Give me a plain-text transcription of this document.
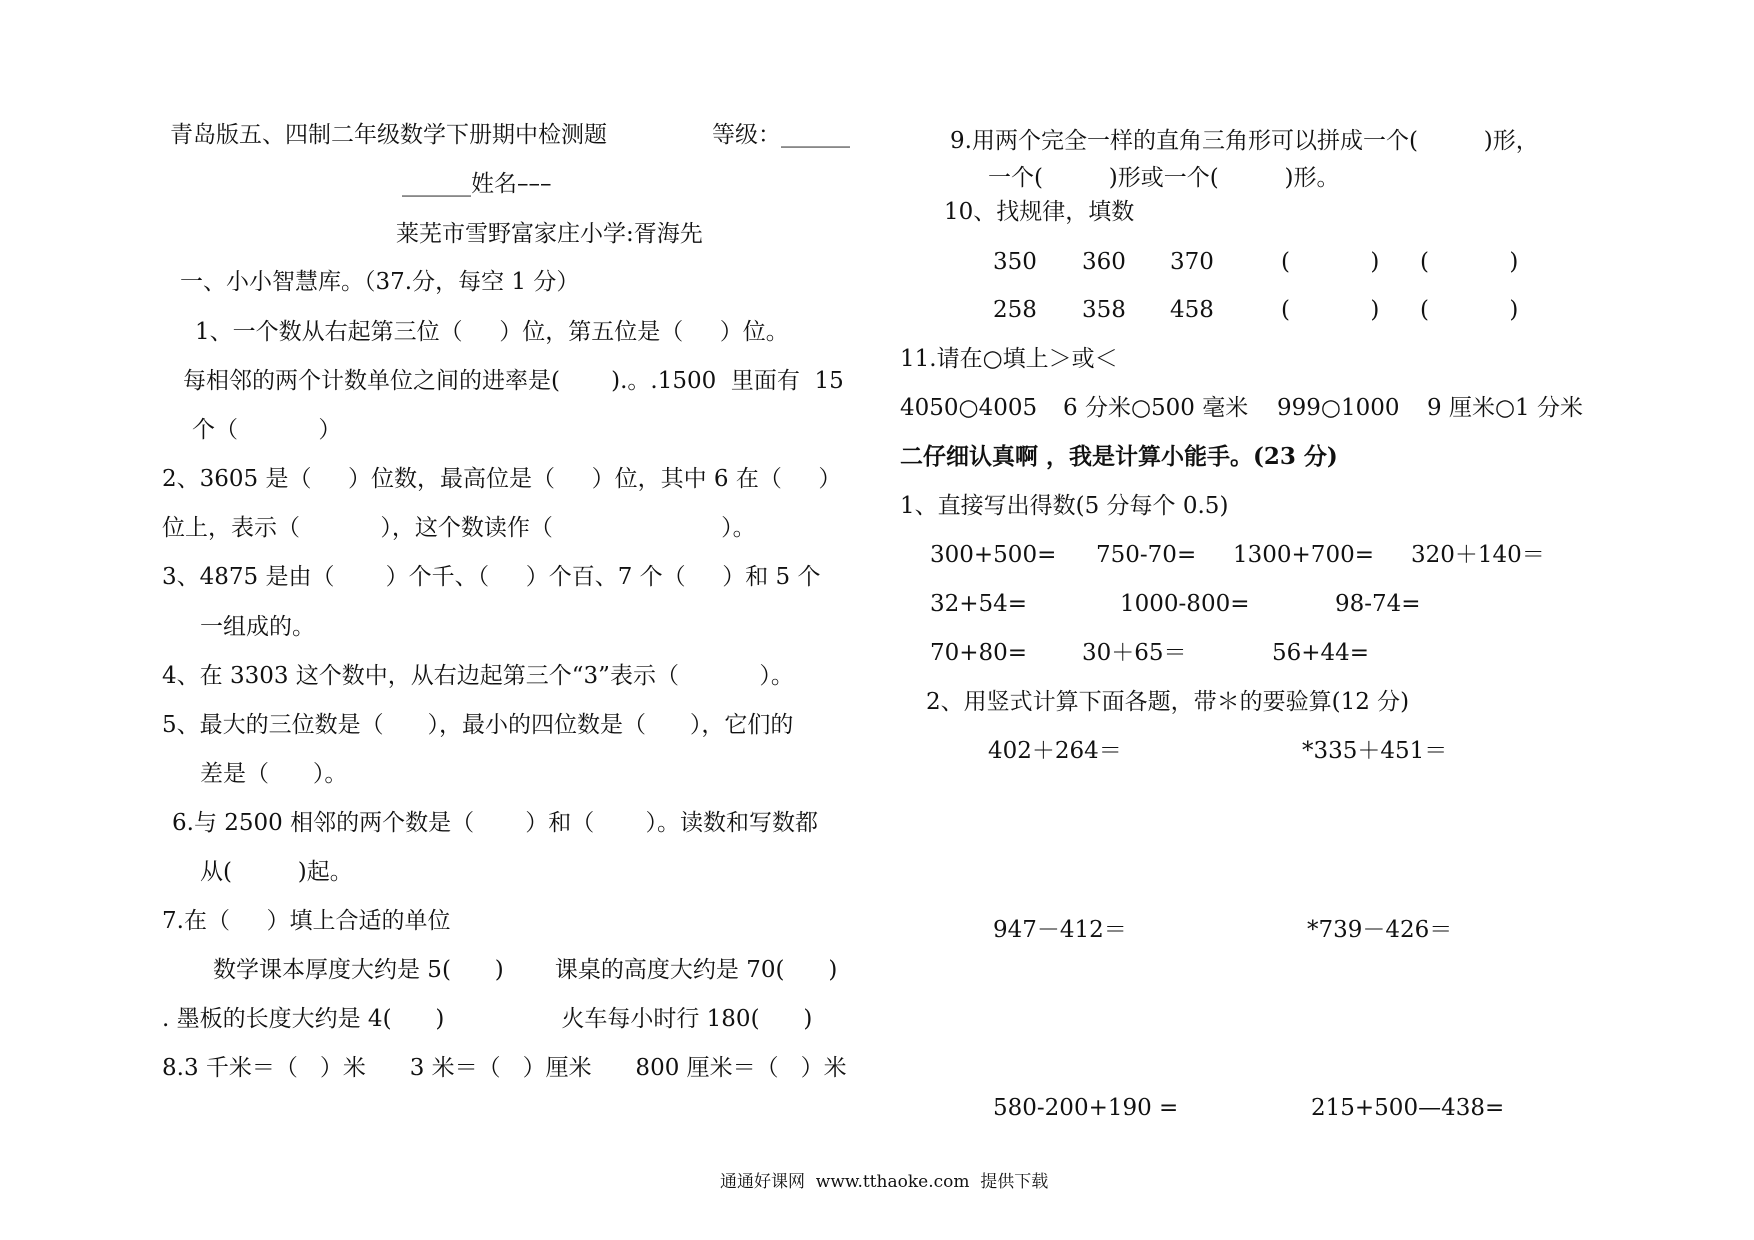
青岛版五、四制二年级数学下册期中检测题	等级：______
______姓名–––
莱芜市雪野富家庄小学:胥海先
一、小小智慧库。（37.分，每空 1 分）
1、一个数从右起第三位（     ）位，第五位是（     ）位。
每相邻的两个计数单位之间的进率是(       ).。.1500  里面有  15
个（           ）
2、3605 是（     ）位数，最高位是（     ）位，其中 6 在（     ）
位上，表示（           ），这个数读作（                       ）。
3、4875 是由（       ）个千、（     ）个百、7 个（     ）和 5 个
一组成的。
4、在 3303 这个数中，从右边起第三个“3”表示（           ）。
5、最大的三位数是（      ），最小的四位数是（      ），它们的
差是（      ）。
6.与 2500 相邻的两个数是（       ）和（       ）。读数和写数都
从(         )起。
7.在（     ）填上合适的单位
数学课本厚度大约是 5(      )       课桌的高度大约是 70(      )
. 墨板的长度大约是 4(      )                火车每小时行 180(      )
8.3 千米＝（   ）米      3 米＝（   ）厘米      800 厘米＝（   ）米
9.用两个完全一样的直角三角形可以拼成一个(         )形，
一个(         )形或一个(         )形。
10、找规律，填数
350 360 370	(           ) (           )
258 358 458	(           ) (           )
11.请在○填上＞或＜
4050○4005 6 分米○500 毫米 999○1000 9 厘米○1 分米
二仔细认真啊 ，我是计算小能手。(23 分)
1、直接写出得数(5 分每个 0.5)
300+500= 750-70= 1300+700= 320＋140＝
32+54=	1000-800=	98-74=
70+80= 30＋65＝	56+44=
2、用竖式计算下面各题，带＊的要验算(12 分)
402＋264＝	*335＋451＝
947－412＝	*739－426＝
580-200+190 =	215+500—438=
通通好课网  www.tthaoke.com  提供下载
